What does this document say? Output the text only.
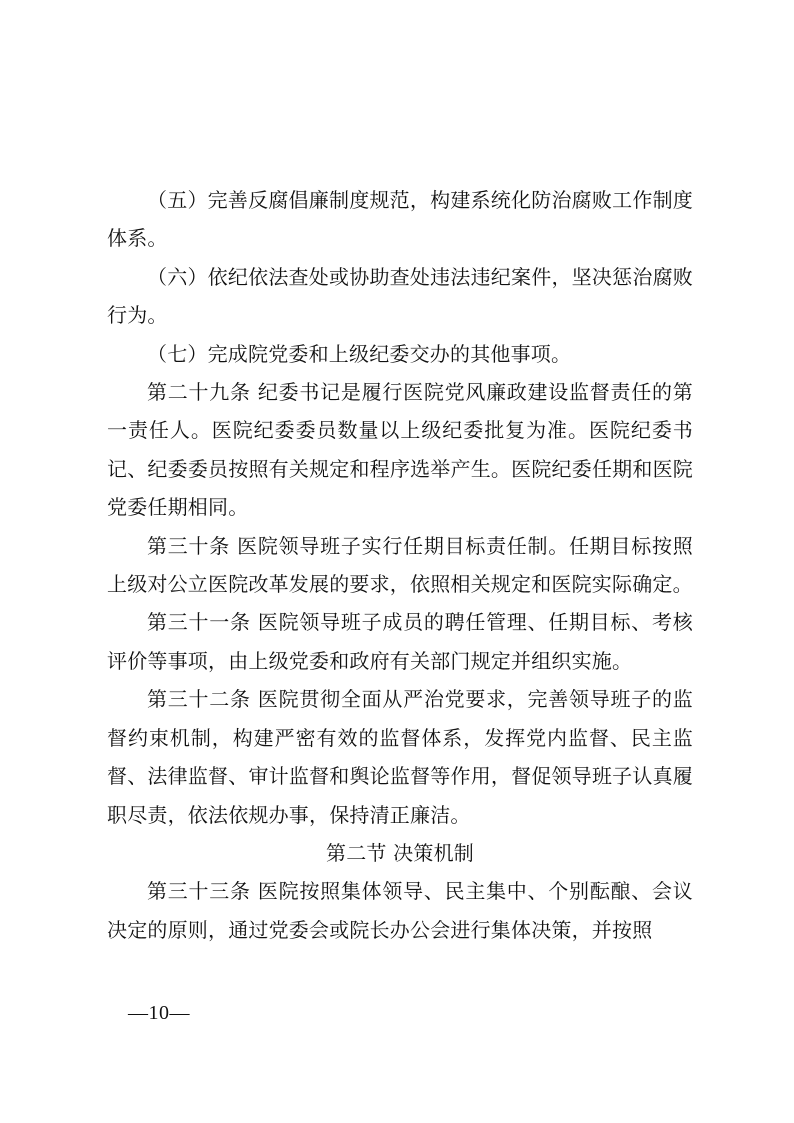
（五）完善反腐倡廉制度规范，构建系统化防治腐败工作制度体系。

（六）依纪依法查处或协助查处违法违纪案件，坚决惩治腐败行为。

（七）完成院党委和上级纪委交办的其他事项。

第二十九条 纪委书记是履行医院党风廉政建设监督责任的第一责任人。医院纪委委员数量以上级纪委批复为准。医院纪委书记、纪委委员按照有关规定和程序选举产生。医院纪委任期和医院党委任期相同。

第三十条 医院领导班子实行任期目标责任制。任期目标按照上级对公立医院改革发展的要求，依照相关规定和医院实际确定。

第三十一条 医院领导班子成员的聘任管理、任期目标、考核评价等事项，由上级党委和政府有关部门规定并组织实施。

第三十二条 医院贯彻全面从严治党要求，完善领导班子的监督约束机制，构建严密有效的监督体系，发挥党内监督、民主监督、法律监督、审计监督和舆论监督等作用，督促领导班子认真履职尽责，依法依规办事，保持清正廉洁。

第二节 决策机制

第三十三条 医院按照集体领导、民主集中、个别酝酿、会议决定的原则，通过党委会或院长办公会进行集体决策，并按照

—10—
